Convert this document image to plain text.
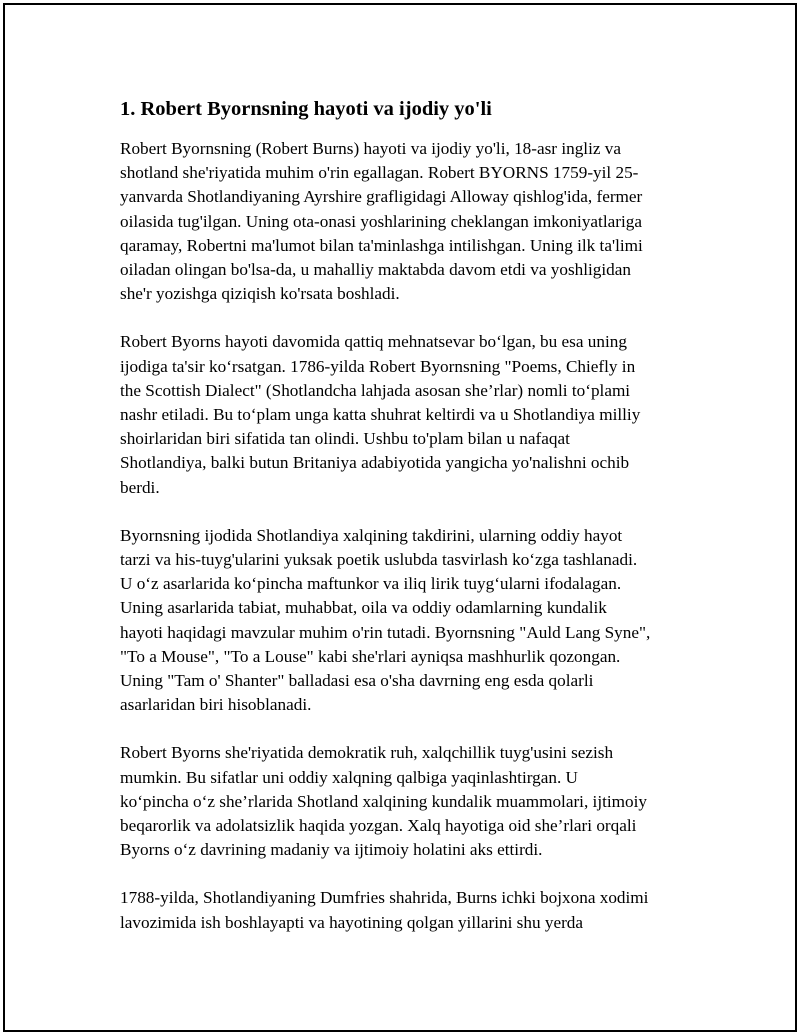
1. Robert Byornsning hayoti va ijodiy yo'li
Robert Byornsning (Robert Burns) hayoti va ijodiy yo'li, 18-asr ingliz va
shotland she'riyatida muhim o'rin egallagan. Robert BYORNS 1759-yil 25-
yanvarda Shotlandiyaning Ayrshire grafligidagi Alloway qishlog'ida, fermer
oilasida tug'ilgan. Uning ota-onasi yoshlarining cheklangan imkoniyatlariga
qaramay, Robertni ma'lumot bilan ta'minlashga intilishgan. Uning ilk ta'limi
oiladan olingan bo'lsa-da, u mahalliy maktabda davom etdi va yoshligidan
she'r yozishga qiziqish ko'rsata boshladi.
Robert Byorns hayoti davomida qattiq mehnatsevar bo‘lgan, bu esa uning
ijodiga ta'sir ko‘rsatgan. 1786-yilda Robert Byornsning "Poems, Chiefly in
the Scottish Dialect" (Shotlandcha lahjada asosan she’rlar) nomli to‘plami
nashr etiladi. Bu to‘plam unga katta shuhrat keltirdi va u Shotlandiya milliy
shoirlaridan biri sifatida tan olindi. Ushbu to'plam bilan u nafaqat
Shotlandiya, balki butun Britaniya adabiyotida yangicha yo'nalishni ochib
berdi.
Byornsning ijodida Shotlandiya xalqining takdirini, ularning oddiy hayot
tarzi va his-tuyg'ularini yuksak poetik uslubda tasvirlash ko‘zga tashlanadi.
U o‘z asarlarida ko‘pincha maftunkor va iliq lirik tuyg‘ularni ifodalagan.
Uning asarlarida tabiat, muhabbat, oila va oddiy odamlarning kundalik
hayoti haqidagi mavzular muhim o'rin tutadi. Byornsning "Auld Lang Syne",
"To a Mouse", "To a Louse" kabi she'rlari ayniqsa mashhurlik qozongan.
Uning "Tam o' Shanter" balladasi esa o'sha davrning eng esda qolarli
asarlaridan biri hisoblanadi.
Robert Byorns she'riyatida demokratik ruh, xalqchillik tuyg'usini sezish
mumkin. Bu sifatlar uni oddiy xalqning qalbiga yaqinlashtirgan. U
ko‘pincha o‘z she’rlarida Shotland xalqining kundalik muammolari, ijtimoiy
beqarorlik va adolatsizlik haqida yozgan. Xalq hayotiga oid she’rlari orqali
Byorns o‘z davrining madaniy va ijtimoiy holatini aks ettirdi.
1788-yilda, Shotlandiyaning Dumfries shahrida, Burns ichki bojxona xodimi
lavozimida ish boshlayapti va hayotining qolgan yillarini shu yerda
